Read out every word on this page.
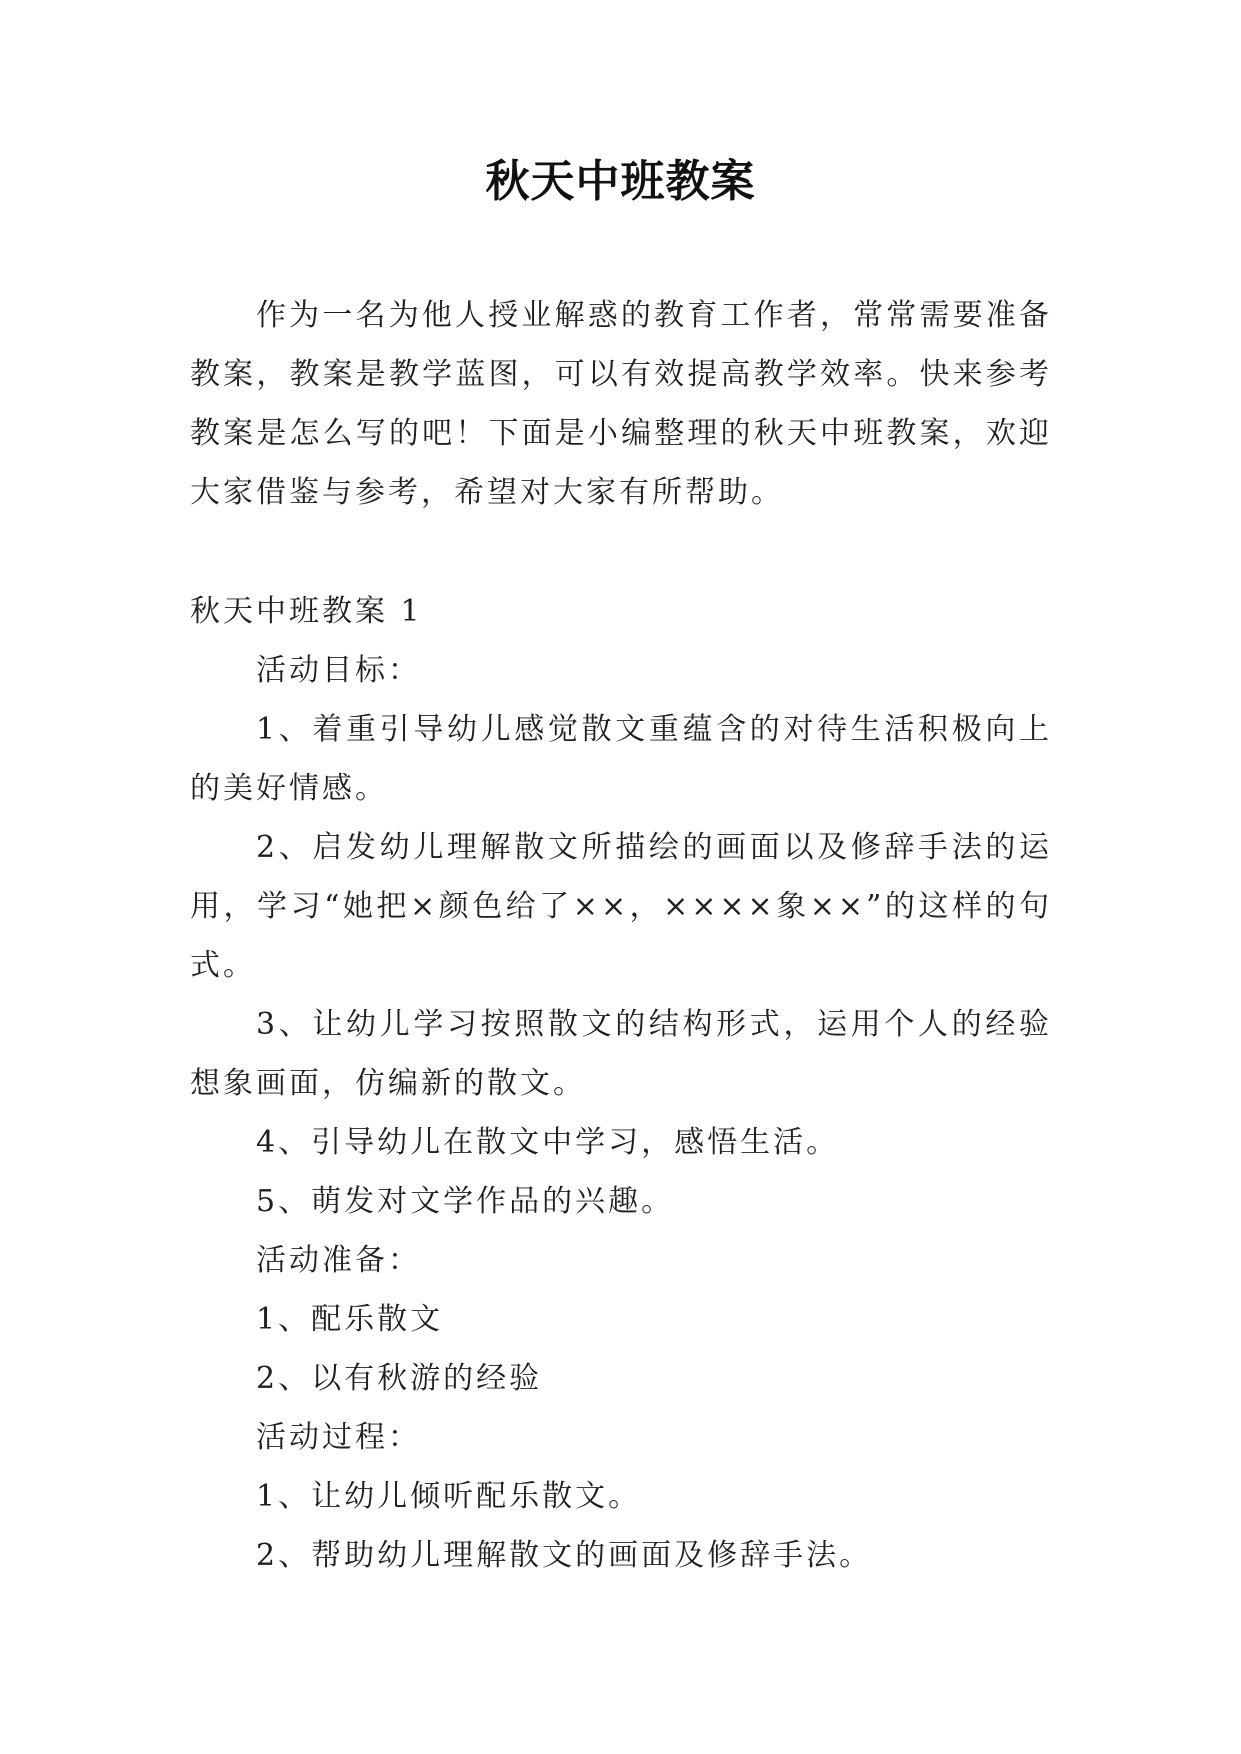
秋天中班教案

作为一名为他人授业解惑的教育工作者，常常需要准备教案，教案是教学蓝图，可以有效提高教学效率。快来参考教案是怎么写的吧！下面是小编整理的秋天中班教案，欢迎大家借鉴与参考，希望对大家有所帮助。

秋天中班教案 1

活动目标：

1、着重引导幼儿感觉散文重蕴含的对待生活积极向上的美好情感。

2、启发幼儿理解散文所描绘的画面以及修辞手法的运用，学习“她把×颜色给了××，××××象××”的这样的句式。

3、让幼儿学习按照散文的结构形式，运用个人的经验想象画面，仿编新的散文。

4、引导幼儿在散文中学习，感悟生活。

5、萌发对文学作品的兴趣。

活动准备：

1、配乐散文

2、以有秋游的经验

活动过程：

1、让幼儿倾听配乐散文。

2、帮助幼儿理解散文的画面及修辞手法。
